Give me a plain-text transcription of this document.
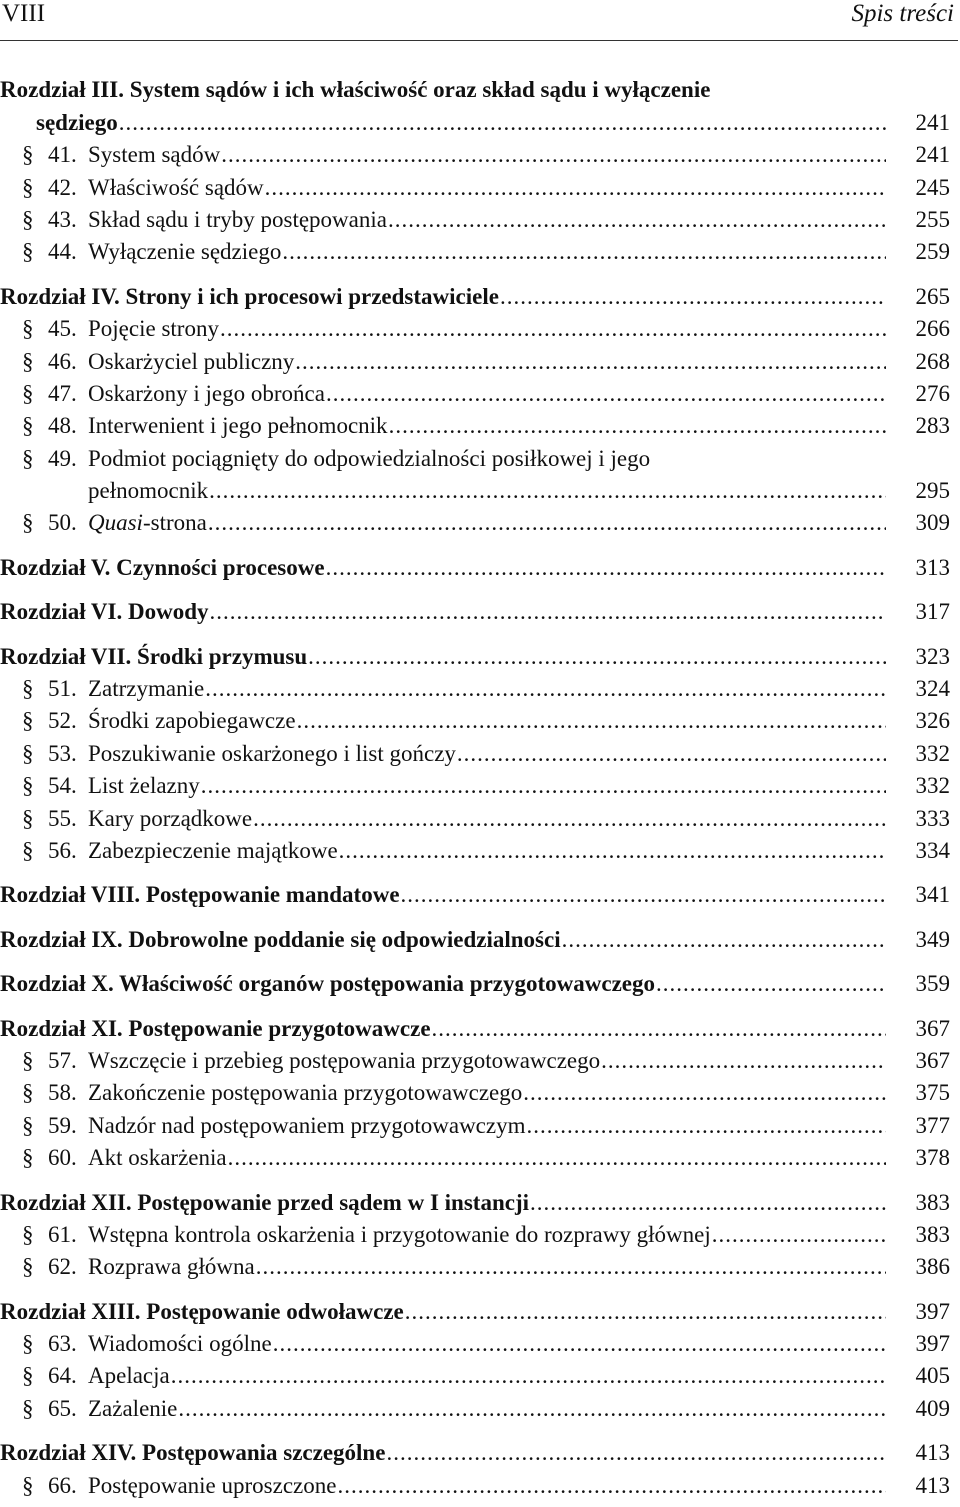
VIII	Spis treści
Rozdział III. System sądów i ich właściwość oraz skład sądu i wyłączenie
sędziego .....	241
§ 41. System sądów .....	241
§ 42. Właściwość sądów .....	245
§ 43. Skład sądu i tryby postępowania .....	255
§ 44. Wyłączenie sędziego .....	259
Rozdział IV. Strony i ich procesowi przedstawiciele .....	265
§ 45. Pojęcie strony .....	266
§ 46. Oskarżyciel publiczny .....	268
§ 47. Oskarżony i jego obrońca .....	276
§ 48. Interwenient i jego pełnomocnik .....	283
§ 49. Podmiot pociągnięty do odpowiedzialności posiłkowej i jego
pełnomocnik .....	295
§ 50. Quasi-strona .....	309
Rozdział V. Czynności procesowe .....	313
Rozdział VI. Dowody .....	317
Rozdział VII. Środki przymusu .....	323
§ 51. Zatrzymanie .....	324
§ 52. Środki zapobiegawcze .....	326
§ 53. Poszukiwanie oskarżonego i list gończy .....	332
§ 54. List żelazny .....	332
§ 55. Kary porządkowe .....	333
§ 56. Zabezpieczenie majątkowe .....	334
Rozdział VIII. Postępowanie mandatowe .....	341
Rozdział IX. Dobrowolne poddanie się odpowiedzialności .....	349
Rozdział X. Właściwość organów postępowania przygotowawczego .....	359
Rozdział XI. Postępowanie przygotowawcze .....	367
§ 57. Wszczęcie i przebieg postępowania przygotowawczego .....	367
§ 58. Zakończenie postępowania przygotowawczego .....	375
§ 59. Nadzór nad postępowaniem przygotowawczym .....	377
§ 60. Akt oskarżenia .....	378
Rozdział XII. Postępowanie przed sądem w I instancji .....	383
§ 61. Wstępna kontrola oskarżenia i przygotowanie do rozprawy głównej .....	383
§ 62. Rozprawa główna .....	386
Rozdział XIII. Postępowanie odwoławcze .....	397
§ 63. Wiadomości ogólne .....	397
§ 64. Apelacja .....	405
§ 65. Zażalenie .....	409
Rozdział XIV. Postępowania szczególne .....	413
§ 66. Postępowanie uproszczone .....	413
